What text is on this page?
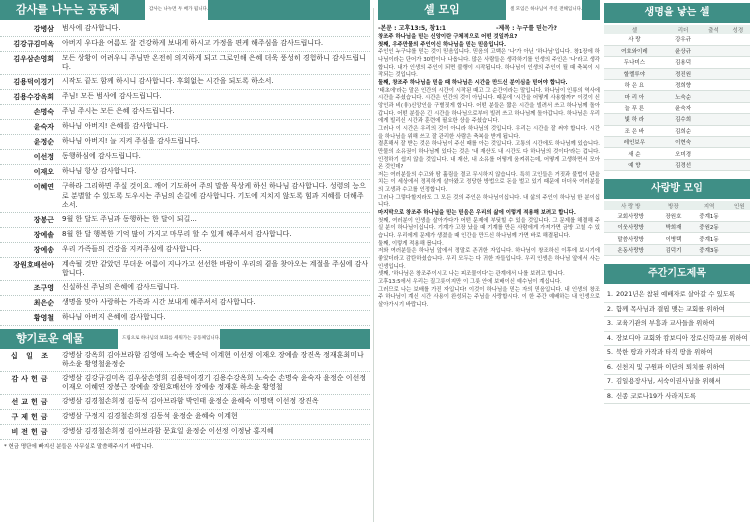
감사를 나누는 공동체	감사는 나누면 두 배가 됩니다.
강병삼	범사에 감사합니다.
김강규김미옥	아버지 우다윤 여름도 잘 건강하게 보내게 하시고 가정을 편케 해주심을 감사드립니다.
김우삼손영희	모든 상황이 어려우니 주님만 온전히 의지하게 되고 그로인해 은혜 더욱 풍성히 경험하니 감사드립니다.
김용덕이경기	시작도 끝도 함께 하시니 감사합니다. 후회없는 시간을 되도록 하소서.
김용수강옥희	주님! 모든 범사에 감사드립니다.
손명숙	주님 주시는 모든 은혜 감사드립니다.
윤숙자	하나님 아버지! 은혜를 감사합니다.
윤정순	하나님 아버지! 늘 지켜 주심을 감사드립니다.
이선정	동행하심에 감사드립니다.
이재오	하나님 항상 감사합니다.
이혜연	구하라 그리하면 주실 것이요. 깨어 기도하여 주의 말씀 묵상케 하신 하나님 감사합니다. 성령의 능으로 분별할 수 있도록 도우시는 주님의 손길에 감사합니다. 기도에 지치지 않도록 힘과 지혜를 더해주소서.
장봉근	9월 한 달도 주님과 동행하는 한 달이 되길...
장예솔	8월 한 달 행복한 기억 많이 가지고 마무리 할 수 있게 해주셔서 감사합니다.
장예송	우리 가족들의 건강을 지켜주심에 감사합니다.
장원호배선아	계속될 것만 같았던 무더운 여름이 지나가고 선선한 바람이 우리의 곁을 찾아오는 계절을 주심에 감사합니다.
조구영	신실하신 주님의 은혜에 감사드립니다.
최은순	생명을 맞아 사랑하는 가족과 시간 보내게 해주셔서 감사합니다.
황영철	하나님 아버지 은혜에 감사합니다.
향기로운 예물	드림으로 하나님의 보화를 세워가는 공동체입니다.
십 일 조	강병삼 강옥희 김아브라함 김영애 노숙순 백순덕 이계현 이선정 이재오 장예솔 장진옥 정재훈최미나 하소윤 황영철윤정순
감사헌금	강병삼 김강규김미옥 김우삼손영희 김용덕이경기 김용수강옥희 노숙순 손명숙 윤숙자 윤정순 이선정 이재오 이혜연 장봉근 장예솔 장원호배선아 장예송 정재훈 하소윤 황영철
선교헌금	강병삼 김경철손희정 김동석 김아브라함 박인태 윤정순 윤혜숙 이명택 이선정 장진옥
구제헌금	강병삼 구정지 김경철손희정 김동석 윤정순 윤혜숙 이계현
비전헌금	강병삼 김경철손희정 김아브라함 문효일 윤정순 이선정 이정남 홍지혜
* 헌금 명단에 빠지신 분들은 사무실로 말씀해주시기 바랍니다.
셀 모임	셀 모임은 하나님이 주신 전해입니다.
-본문 : 고후13:5, 창1:1	-제목 : 누구를 믿는가?
창조주 하나님을 믿는 신앙이란 구체적으로 어떤 것일까요?
첫째, 우주만물의 주인이신 하나님을 믿는 믿음입니다.
주인인 누구냐를 믿는 것이 믿음입니다. 믿음의 고백은 '나'가 아닌 '하나님'입니다. 창1장에 하나님이라는 단어가 30번이나 나옵니다. 많은 사람들은 생각하기를 인생의 주인은 '나'라고 생각합니다. 내가 인생의 주인이 되면 불행이 시작됩니다. 하나님이 인생의 주인이 될 때 축복이 시작되는 것입니다.
둘째, 창조주 하나님을 믿을 때 하나님은 시간을 만드신 분이심을 믿어야 합니다.
'태초에'라는 말은 인간의 시간이 시작된 때고 그 순간이라는 말입니다. 하나님이 인류의 역사에 시간을 주셨습니다. 시간은 인간의 것이 아닙니다. 때문에 '시간을 어떻게 사용할까?' 이것이 신앙인과 비(非)신앙인을 구별짓게 합니다. 어떤 분들은 짧은 시간을 빌려서 쓰고 하나님께 돌아갑니다. 어떤 분들은 긴 시간을 하나님으로부터 빌려 쓰고 하나님께 돌아갑니다. 하나님은 우리에게 빌리신 시간과 훈련에 필요한 상을 주셨습니다.
그러나 이 시간은 우리의 것이 아니라 하나님의 것입니다. 우리는 시간을 잘 써야 합니다. 시간을 하나님을 위해 쓰고 잘 관리한 사람은 축복을 받게 됩니다.
결혼해서 잘 받는 것은 하나님이 주신 때를 아는 것입니다. 고통의 시간에도 하나님께 있습니다. 만물의 소유권이 하나님께 있다는 것은 '내 재산도 내 시간도 다 하나님의 것이다'라는 겁니다. 인정하기 쉽지 않을 것입니다. 내 재산, 내 소유를 어떻게 움켜쥐는데, 어떻게 고생하면서 모아 온 것인데?
저는 여러분들의 수고와 땀 흘림을 결코 무시하지 않습니다. 특히 고인들은 거짓과 불법이 판을 치는 이 세상에서 정직하게 살아왔고 정당한 방법으로 돈을 벌고 있기 때문에 더더욱 여러분들의 고생과 수고를 인정합니다.
그러나 그렇다할지라도 그 모든 것의 주인은 하나님이십니다. 내 삶의 주인이 하나님 한 분이십니다.
마지막으로 창조주 하나님을 믿는 믿음은 우리의 삶에 이렇게 적용해 보려고 합니다.
첫째, 여러분이 인생을 살아가다가 어떤 문제에 부딪힐 수 있을 것입니다. 그 문제를 해결해 주실 분이 하나님이십니다. 기계가 고장 났을 때 기계를 만든 사람에게 가져가면 금방 고칠 수 있습니다. 우리에게 문제가 생겼을 때 인간을 만드신 하나님께 가면 바로 해결됩니다.
둘째, 이렇게 적용해 봅니다.
저와 여러분들은 하나님 앞에서 정말로 존귀한 자입니다. 하나님이 창조하신 이후에 보시기에 좋았더라고 감탄하셨습니다. 우리 모두는 다 귀한 자들입니다. 우리 인생은 하나님 앞에서 사는 인생입니다.
셋째, '하나님은 창조주이시고 나는 피조물이다'는 관계에서 나를 보려고 합니다.
고후13:5에서 우리는 질그릇이지만 이 그릇 안에 보배이신 예수님이 계십니다.
그러므로 나는 보배를 가진 자입니다! 이것이 하나님을 믿는 자의 믿음입니다. 내 인생의 창조주 하나님이 계신 시간 사용이 완성되는 주님을 사랑합시다. 이 한 주간 예배하는 내 인생으로 살아가시기 바랍니다.
생명을 낳는 셀
셀	리더	출석	성경
사 랑	강우규		
여호와이레	윤상규		
두나미스	김용덕		
할렐루야	정진원		
하 은 요	정희향		
마 리 아	노숙순		
늘 푸 른	윤숙자		
빛 하 라	김수희		
조 은 바	김희순		
레인보우	이현숙		
새 순	오미경		
예 향	김경선		
사랑방 모임
사 랑 방	방장	지역	인원
교회사랑방	장원호	중계1동	
이웃사랑방	박희재	중원2동	
말씀사랑방	이병택	중계1동	
온동사랑방	김덕기	중계3동	
주간기도제목
1. 2021년은 참된 예배자로 살아갈 수 있도록
2. 함께 목사님과 결핍 맺는 교회를 위하여
3. 교육기관의 부흥과 교사들을 위하여
4. 장보디아 교회와 캄보디아 장로신학교를 위하여
5. 북한 땅과 카작과 타직 땅을 위하여
6. 신천지 및 구원파 이단의 퇴치를 위하여
7. 김일용장사님, 서숙이권사님을 위해서
8. 신종 코로나19가 사라지도록
